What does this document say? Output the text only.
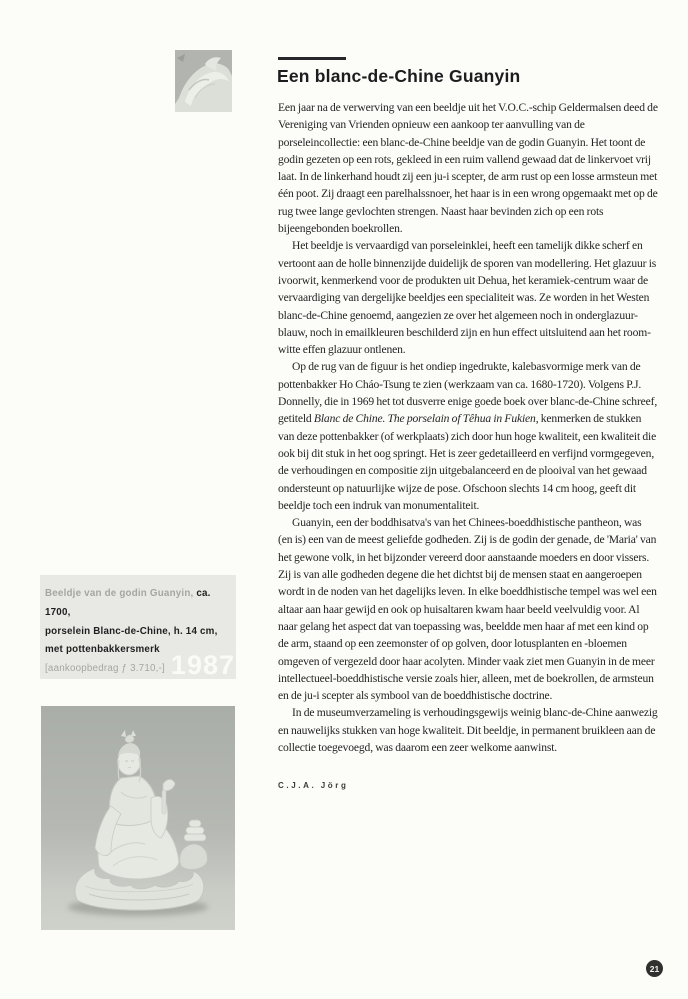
Een blanc-de-Chine Guanyin

Een jaar na de verwerving van een beeldje uit het V.O.C.-schip Geldermalsen deed de Vereniging van Vrienden opnieuw een aankoop ter aanvulling van de porseleincollectie: een blanc-de-Chine beeldje van de godin Guanyin. Het toont de godin gezeten op een rots, gekleed in een ruim vallend gewaad dat de linkervoet vrij laat. In de linkerhand houdt zij een ju-i scepter, de arm rust op een losse armsteun met één poot. Zij draagt een parelhalssnoer, het haar is in een wrong opgemaakt met op de rug twee lange gevlochten strengen. Naast haar bevinden zich op een rots bijeengebonden boekrollen.

Het beeldje is vervaardigd van porseleinklei, heeft een tamelijk dikke scherf en vertoont aan de holle binnenzijde duidelijk de sporen van modellering. Het glazuur is ivoorwit, kenmerkend voor de produkten uit Dehua, het keramiek-centrum waar de vervaardiging van dergelijke beeldjes een specialiteit was. Ze worden in het Westen blanc-de-Chine genoemd, aangezien ze over het algemeen noch in onderglazuur-blauw, noch in emailkleuren beschilderd zijn en hun effect uitsluitend aan het room-witte effen glazuur ontlenen.

Op de rug van de figuur is het ondiep ingedrukte, kalebasvormige merk van de pottenbakker Ho Cháo-Tsung te zien (werkzaam van ca. 1680-1720). Volgens P.J. Donnelly, die in 1969 het tot dusverre enige goede boek over blanc-de-Chine schreef, getiteld Blanc de Chine. The porselain of Têhua in Fukien, kenmerken de stukken van deze pottenbakker (of werkplaats) zich door hun hoge kwaliteit, een kwaliteit die ook bij dit stuk in het oog springt. Het is zeer gedetailleerd en verfijnd vormgegeven, de verhoudingen en compositie zijn uitgebalanceerd en de plooival van het gewaad ondersteunt op natuurlijke wijze de pose. Ofschoon slechts 14 cm hoog, geeft dit beeldje toch een indruk van monumentaliteit.

Guanyin, een der boddhisatva's van het Chinees-boeddhistische pantheon, was (en is) een van de meest geliefde godheden. Zij is de godin der genade, de 'Maria' van het gewone volk, in het bijzonder vereerd door aanstaande moeders en door vissers. Zij is van alle godheden degene die het dichtst bij de mensen staat en aangeroepen wordt in de noden van het dagelijks leven. In elke boeddhistische tempel was wel een altaar aan haar gewijd en ook op huisaltaren kwam haar beeld veelvuldig voor. Al naar gelang het aspect dat van toepassing was, beeldde men haar af met een kind op de arm, staand op een zeemonster of op golven, door lotusplanten en -bloemen omgeven of vergezeld door haar acolyten. Minder vaak ziet men Guanyin in de meer intellectueel-boeddhistische versie zoals hier, alleen, met de boekrollen, de armsteun en de ju-i scepter als symbool van de boeddhistische doctrine.

In de museumverzameling is verhoudingsgewijs weinig blanc-de-Chine aanwezig en nauwelijks stukken van hoge kwaliteit. Dit beeldje, in permanent bruikleen aan de collectie toegevoegd, was daarom een zeer welkome aanwinst.

C.J.A. Jörg
Beeldje van de godin Guanyin, ca. 1700,
porselein Blanc-de-Chine, h. 14 cm,
met pottenbakkersmerk
[aankoopbedrag ƒ 3.710,-] 1987
21
